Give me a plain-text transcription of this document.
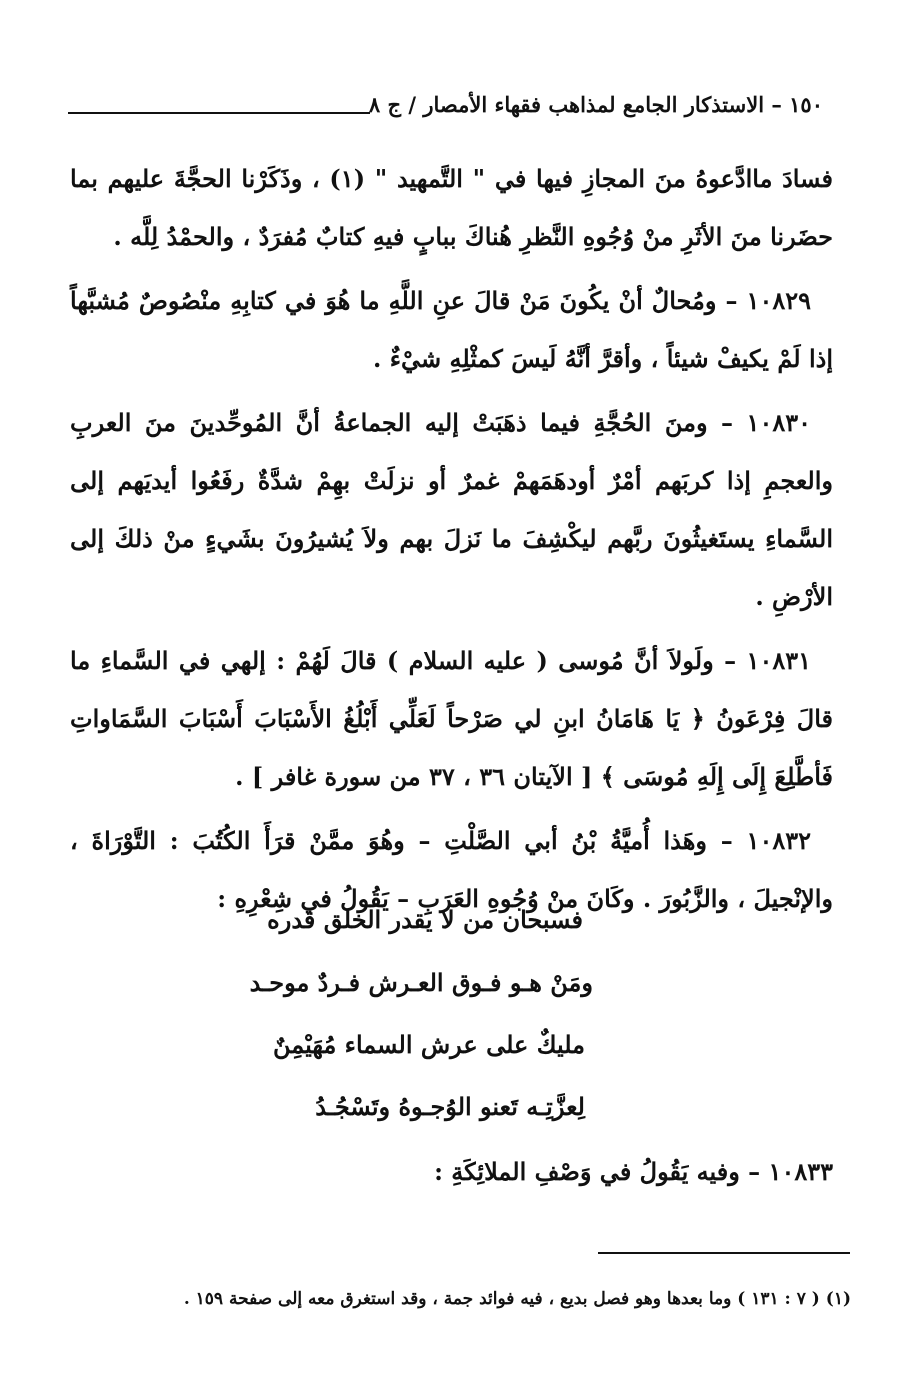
١٥٠ – الاستذكار الجامع لمذاهب فقهاء الأمصار / ج ٨

فسادَ ماادَّعوهُ منَ المجازِ فيها في " التَّمهيد " (١) ، وذَكَرْنا الحجَّةَ عليهم بما حضَرنا منَ الأثَرِ منْ وُجُوهِ النَّظرِ هُناكَ ببابٍ فيهِ كتابٌ مُفرَدٌ ، والحمْدُ لِلَّه .

١٠٨٢٩ – ومُحالٌ أنْ يكُونَ مَنْ قالَ عنِ اللَّهِ ما هُوَ في كتابِهِ منْصُوصٌ مُشبَّهاً إذا لَمْ يكيفْ شيئاً ، وأقرَّ أنَّهُ لَيسَ كمثْلِهِ شيْءٌ .

١٠٨٣٠ – ومنَ الحُجَّةِ فيما ذهَبَتْ إليه الجماعةُ أنَّ المُوحِّدينَ منَ العربِ والعجمِ إذا كربَهم أمْرٌ أودهَمَهمْ غمرٌ أو نزلَتْ بهِمْ شدَّةٌ رفَعُوا أيديَهم إلى السَّماءِ يستَغيثُونَ ربَّهم ليكْشِفَ ما نَزلَ بهم ولاَ يُشيرُونَ بشَيءٍ منْ ذلكَ إلى الأرْضِ .

١٠٨٣١ – ولَولاَ أنَّ مُوسى ( عليه السلام ) قالَ لَهُمْ : إلهي في السَّماءِ ما قالَ فِرْعَونُ ﴿ يَا هَامَانُ ابنِ لي صَرْحاً لَعَلِّي أَبْلُغُ الأَسْبَابَ أَسْبَابَ السَّمَاواتِ فَأطَّلِعَ إِلَى إِلَهِ مُوسَى ﴾ [ الآيتان ٣٦ ، ٣٧ من سورة غافر ] .

١٠٨٣٢ – وهَذا أُميَّةُ بْنُ أبي الصَّلْتِ – وهُوَ ممَّنْ قرَأَ الكُتُبَ : التَّوْرَاةَ ، والإنْجيلَ ، والزَّبُورَ . وكَانَ منْ وُجُوهِ العَرَبِ – يَقُولُ في شِعْرِهِ :

فسبحان من لا يقدر الخلق قدره
ومَنْ هـو فـوق العـرش فـردٌ موحـد
مليكٌ على عرش السماء مُهَيْمِنٌ
لِعزَّتِـه تَعنو الوُجـوهُ وتَسْجُـدُ
١٠٨٣٣ – وفيه يَقُولُ في وَصْفِ الملائِكَةِ :
(١) ( ٧ : ١٣١ ) وما بعدها وهو فصل بديع ، فيه فوائد جمة ، وقد استغرق معه إلى صفحة ١٥٩ .
